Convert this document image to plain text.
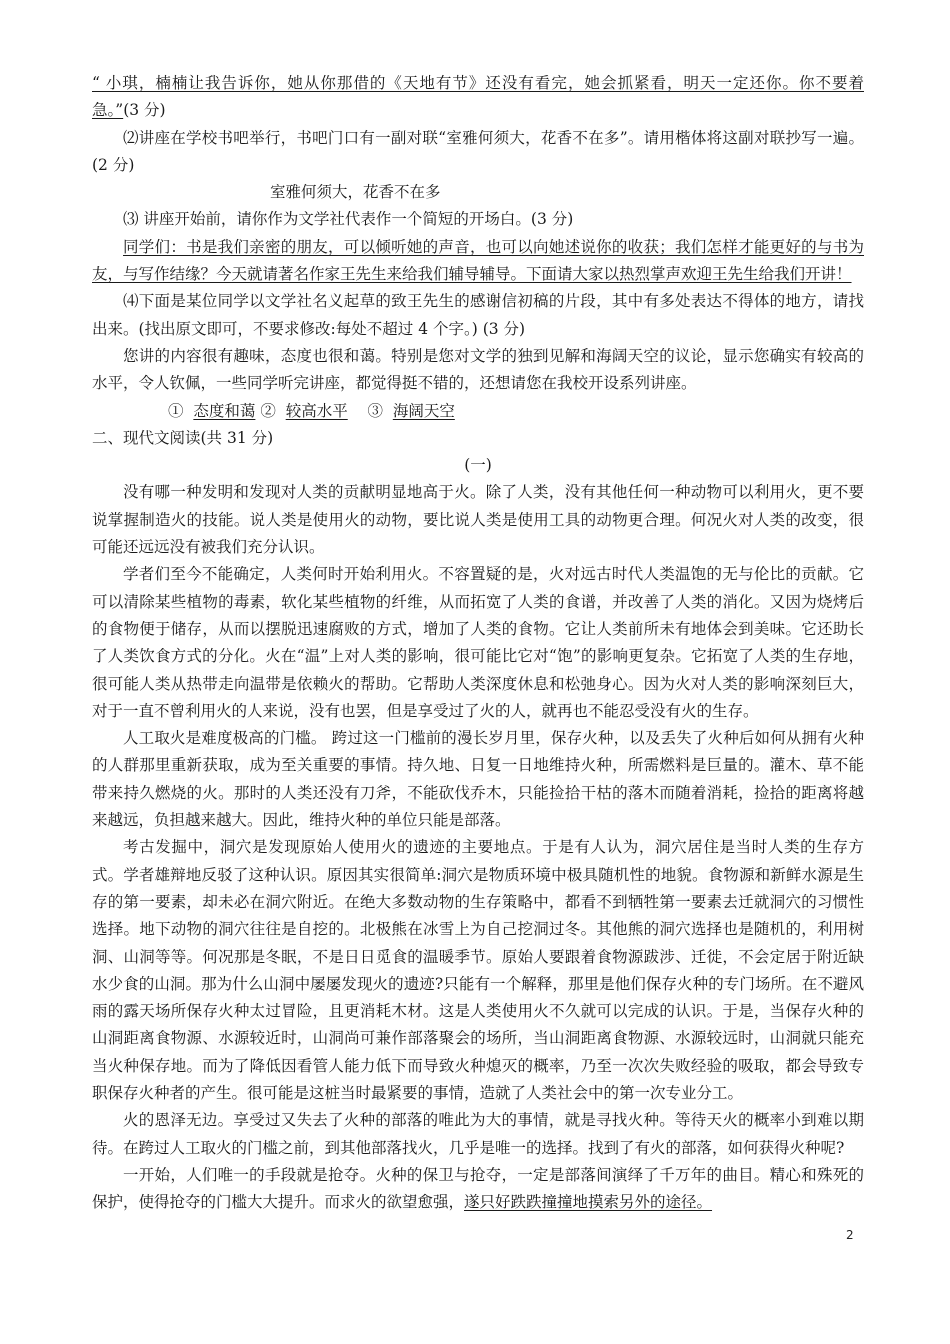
“ 小琪，楠楠让我告诉你，她从你那借的《天地有节》还没有看完，她会抓紧看，明天一定还你。你不要着急。”(3 分)

⑵讲座在学校书吧举行，书吧门口有一副对联“室雅何须大，花香不在多”。请用楷体将这副对联抄写一遍。(2 分)

室雅何须大，花香不在多

⑶ 讲座开始前，请你作为文学社代表作一个简短的开场白。(3 分)

同学们：书是我们亲密的朋友，可以倾听她的声音，也可以向她述说你的收获；我们怎样才能更好的与书为友，与写作结缘？今天就请著名作家王先生来给我们辅导辅导。下面请大家以热烈掌声欢迎王先生给我们开讲！

⑷下面是某位同学以文学社名义起草的致王先生的感谢信初稿的片段，其中有多处表达不得体的地方，请找出来。(找出原文即可，不要求修改:每处不超过 4 个字。) (3 分)

您讲的内容很有趣味，态度也很和蔼。特别是您对文学的独到见解和海阔天空的议论，显示您确实有较高的水平，令人钦佩，一些同学听完讲座，都觉得挺不错的，还想请您在我校开设系列讲座。

① 态度和蔼 ② 较高水平 ③ 海阔天空

二、现代文阅读(共 31 分)

(一)

没有哪一种发明和发现对人类的贡献明显地高于火。除了人类，没有其他任何一种动物可以利用火，更不要说掌握制造火的技能。说人类是使用火的动物，要比说人类是使用工具的动物更合理。何况火对人类的改变，很可能还远远没有被我们充分认识。

学者们至今不能确定，人类何时开始利用火。不容置疑的是，火对远古时代人类温饱的无与伦比的贡献。它可以清除某些植物的毒素，软化某些植物的纤维，从而拓宽了人类的食谱，并改善了人类的消化。又因为烧烤后的食物便于储存，从而以摆脱迅速腐败的方式，增加了人类的食物。它让人类前所未有地体会到美味。它还助长了人类饮食方式的分化。火在“温”上对人类的影响，很可能比它对“饱”的影响更复杂。它拓宽了人类的生存地，很可能人类从热带走向温带是依赖火的帮助。它帮助人类深度休息和松弛身心。因为火对人类的影响深刻巨大，对于一直不曾利用火的人来说，没有也罢，但是享受过了火的人，就再也不能忍受没有火的生存。

人工取火是难度极高的门槛。 跨过这一门槛前的漫长岁月里，保存火种，以及丢失了火种后如何从拥有火种的人群那里重新获取，成为至关重要的事情。持久地、日复一日地维持火种，所需燃料是巨量的。灌木、草不能带来持久燃烧的火。那时的人类还没有刀斧，不能砍伐乔木，只能捡拾干枯的落木而随着消耗，捡拾的距离将越来越远，负担越来越大。因此，维持火种的单位只能是部落。

考古发掘中，洞穴是发现原始人使用火的遗迹的主要地点。于是有人认为，洞穴居住是当时人类的生存方式。学者雄辩地反驳了这种认识。原因其实很简单:洞穴是物质环境中极具随机性的地貌。食物源和新鲜水源是生存的第一要素，却未必在洞穴附近。在绝大多数动物的生存策略中，都看不到牺牲第一要素去迁就洞穴的习惯性选择。地下动物的洞穴往往是自挖的。北极熊在冰雪上为自己挖洞过冬。其他熊的洞穴选择也是随机的，利用树洞、山洞等等。何况那是冬眠，不是日日觅食的温暖季节。原始人要跟着食物源跋涉、迁徙，不会定居于附近缺水少食的山洞。那为什么山洞中屡屡发现火的遗迹?只能有一个解释，那里是他们保存火种的专门场所。在不避风雨的露天场所保存火种太过冒险，且更消耗木材。这是人类使用火不久就可以完成的认识。于是，当保存火种的山洞距离食物源、水源较近时，山洞尚可兼作部落聚会的场所，当山洞距离食物源、水源较远时，山洞就只能充当火种保存地。而为了降低因看管人能力低下而导致火种熄灭的概率，乃至一次次失败经验的吸取，都会导致专职保存火种者的产生。很可能是这桩当时最紧要的事情，造就了人类社会中的第一次专业分工。

火的恩泽无边。享受过又失去了火种的部落的唯此为大的事情，就是寻找火种。等待天火的概率小到难以期待。在跨过人工取火的门槛之前，到其他部落找火，几乎是唯一的选择。找到了有火的部落，如何获得火种呢?

一开始，人们唯一的手段就是抢夺。火种的保卫与抢夺，一定是部落间演绎了千万年的曲目。精心和殊死的保护，使得抢夺的门槛大大提升。而求火的欲望愈强，遂只好跌跌撞撞地摸索另外的途径。

2
